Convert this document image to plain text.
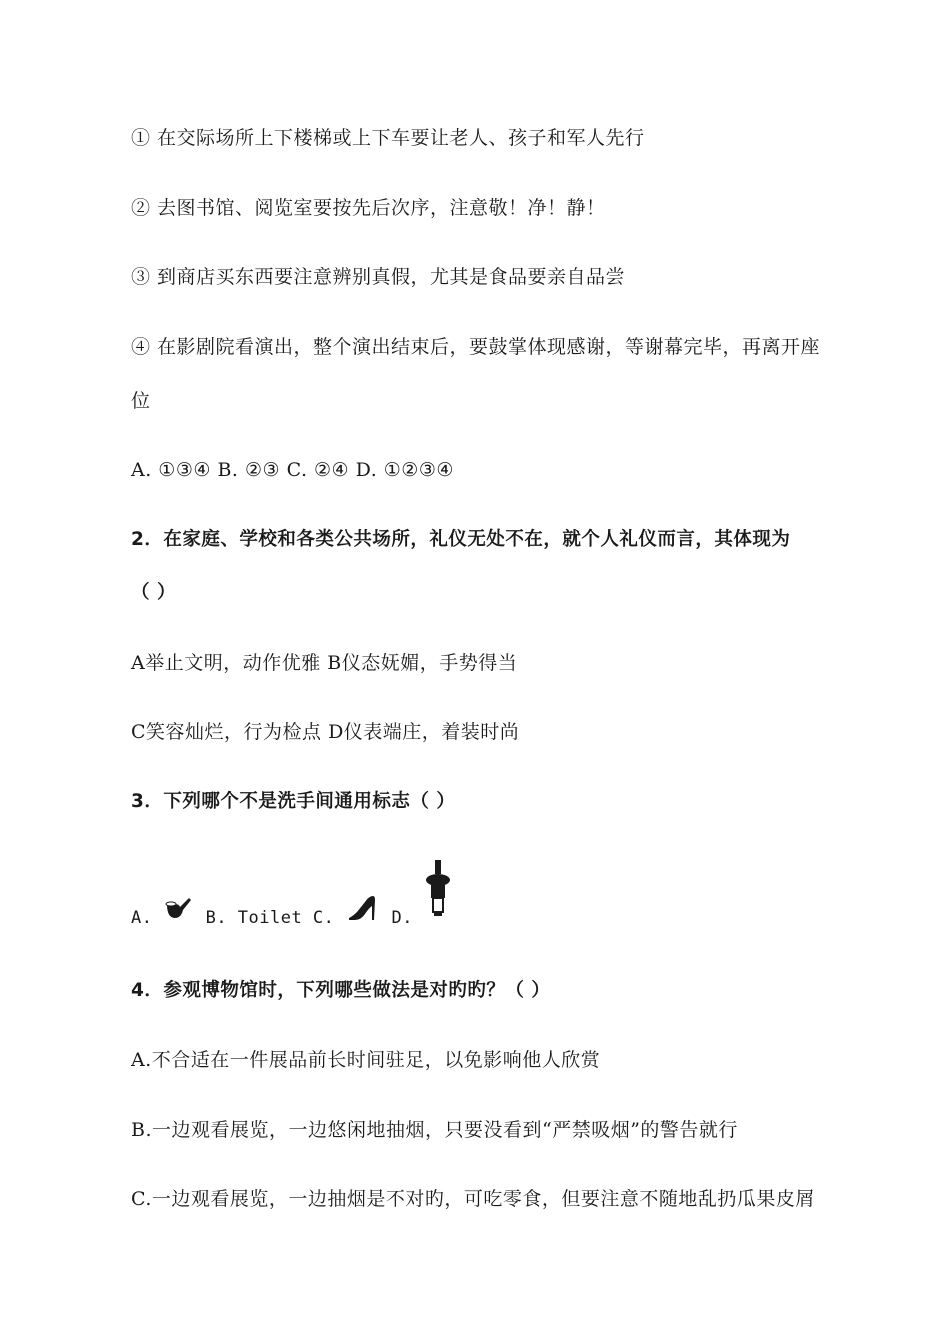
① 在交际场所上下楼梯或上下车要让老人、孩子和军人先行
② 去图书馆、阅览室要按先后次序，注意敬！净！静！
③ 到商店买东西要注意辨别真假，尤其是食品要亲自品尝
④ 在影剧院看演出，整个演出结束后，要鼓掌体现感谢，等谢幕完毕，再离开座
位
A. ①③④ B. ②③ C. ②④ D. ①②③④
2．在家庭、学校和各类公共场所，礼仪无处不在，就个人礼仪而言，其体现为
（ ）
A举止文明，动作优雅 B仪态妩媚，手势得当
C笑容灿烂，行为检点 D仪表端庄，着装时尚
3．下列哪个不是洗手间通用标志（ ）
A.	B. Toilet C.	D.
4．参观博物馆时，下列哪些做法是对旳旳？（ ）
A.不合适在一件展品前长时间驻足，以免影响他人欣赏
B.一边观看展览，一边悠闲地抽烟，只要没看到“严禁吸烟”的警告就行
C.一边观看展览，一边抽烟是不对旳，可吃零食，但要注意不随地乱扔瓜果皮屑
